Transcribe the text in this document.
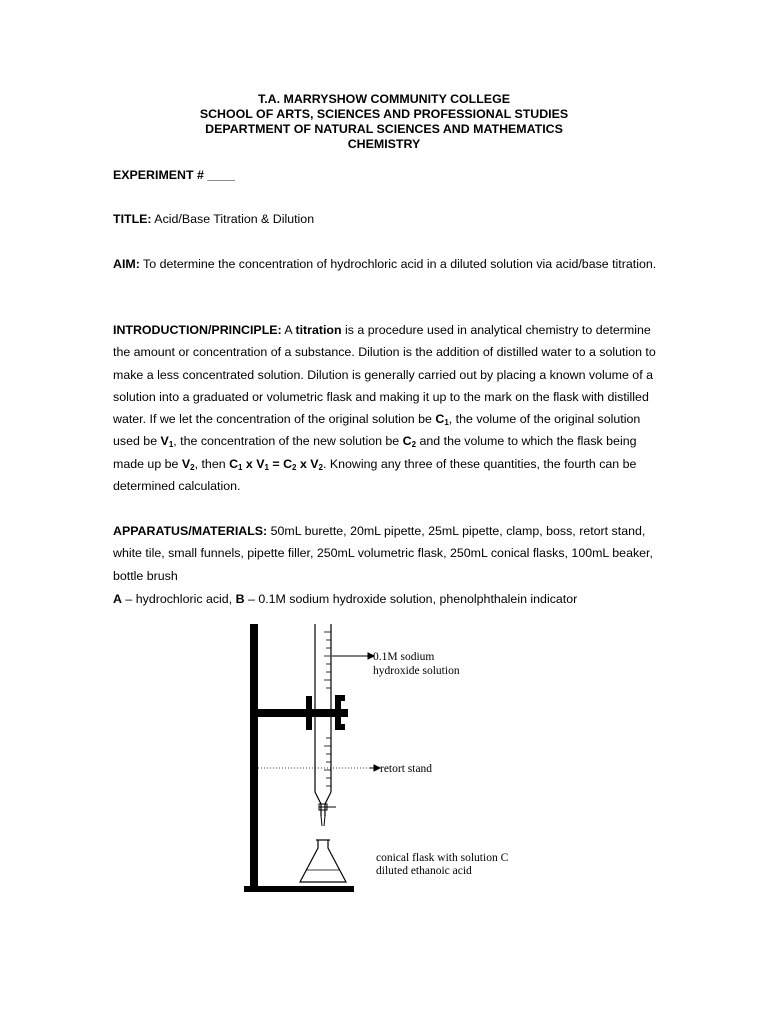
T.A. MARRYSHOW COMMUNITY COLLEGE
SCHOOL OF ARTS, SCIENCES AND PROFESSIONAL STUDIES
DEPARTMENT OF NATURAL SCIENCES AND MATHEMATICS
CHEMISTRY
EXPERIMENT # ____
TITLE: Acid/Base Titration & Dilution
AIM: To determine the concentration of hydrochloric acid in a diluted solution via acid/base titration.
INTRODUCTION/PRINCIPLE: A titration is a procedure used in analytical chemistry to determine the amount or concentration of a substance. Dilution is the addition of distilled water to a solution to make a less concentrated solution. Dilution is generally carried out by placing a known volume of a solution into a graduated or volumetric flask and making it up to the mark on the flask with distilled water. If we let the concentration of the original solution be $C_1$, the volume of the original solution used be $V_1$, the concentration of the new solution be $C_2$ and the volume to which the flask being made up be $V_2$, then $C_1$ x $V_1 = C_2$ x $V_2$. Knowing any three of these quantities, the fourth can be determined calculation.
APPARATUS/MATERIALS: 50mL burette, 20mL pipette, 25mL pipette, clamp, boss, retort stand, white tile, small funnels, pipette filler, 250mL volumetric flask, 250mL conical flasks, 100mL beaker, bottle brush
A – hydrochloric acid, B – 0.1M sodium hydroxide solution, phenolphthalein indicator
0.1M sodium
hydroxide solution
retort stand
conical flask with solution C
diluted ethanoic acid
